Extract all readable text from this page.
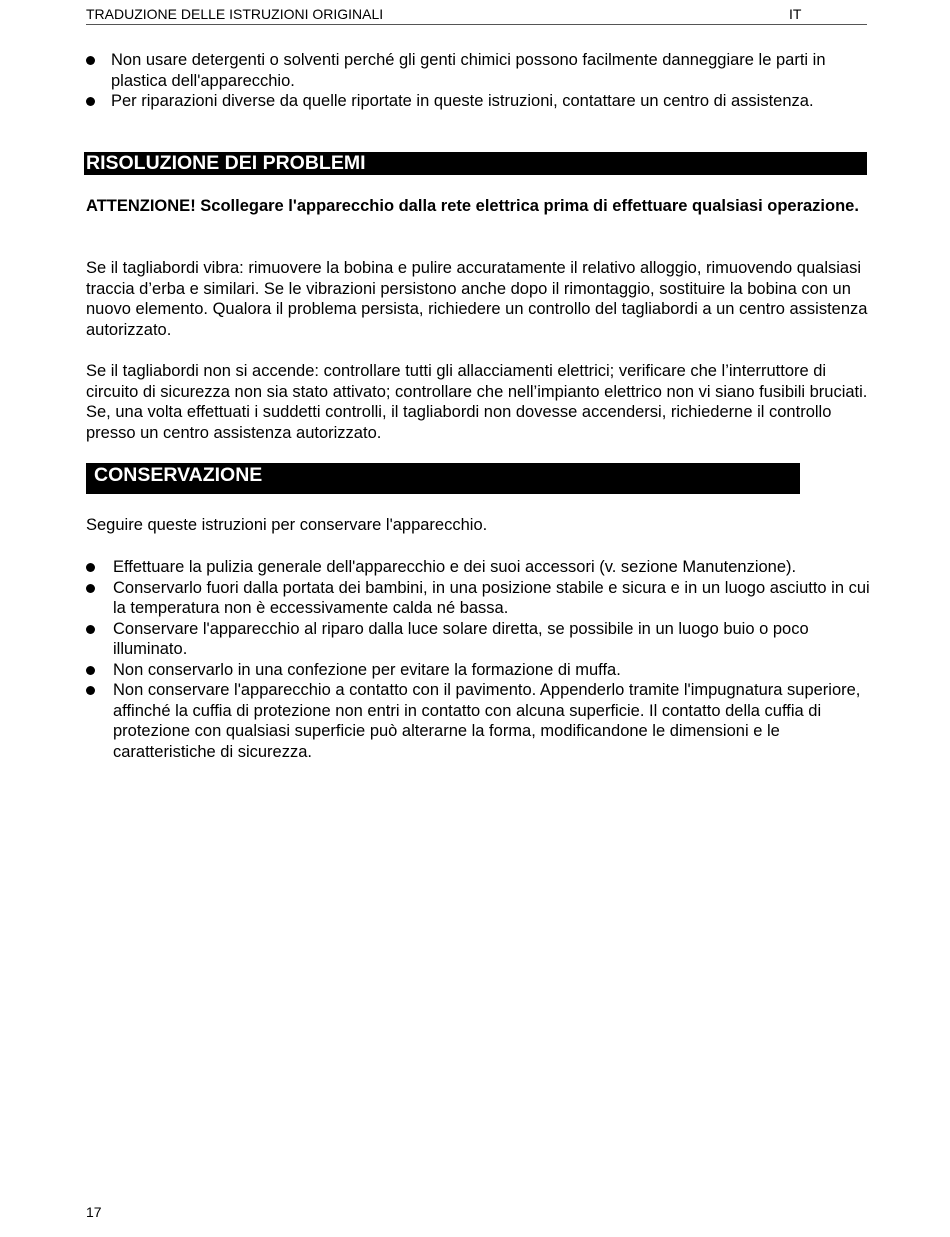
TRADUZIONE DELLE ISTRUZIONI ORIGINALI	IT
Non usare detergenti o solventi perché gli genti chimici possono facilmente danneggiare le parti in plastica dell'apparecchio.
Per riparazioni diverse da quelle riportate in queste istruzioni, contattare un centro di assistenza.
RISOLUZIONE DEI PROBLEMI

ATTENZIONE! Scollegare l'apparecchio dalla rete elettrica prima di effettuare qualsiasi operazione.

Se il tagliabordi vibra: rimuovere la bobina e pulire accuratamente il relativo alloggio, rimuovendo qualsiasi traccia d’erba e similari. Se le vibrazioni persistono anche dopo il rimontaggio, sostituire la bobina con un nuovo elemento. Qualora il problema persista, richiedere un controllo del tagliabordi a un centro assistenza autorizzato.

Se il tagliabordi non si accende: controllare tutti gli allacciamenti elettrici; verificare che l’interruttore di circuito di sicurezza non sia stato attivato; controllare che nell’impianto elettrico non vi siano fusibili bruciati. Se, una volta effettuati i suddetti controlli, il tagliabordi non dovesse accendersi, richiederne il controllo presso un centro assistenza autorizzato.

CONSERVAZIONE

Seguire queste istruzioni per conservare l'apparecchio.

Effettuare la pulizia generale dell'apparecchio e dei suoi accessori (v. sezione Manutenzione).
Conservarlo fuori dalla portata dei bambini, in una posizione stabile e sicura e in un luogo asciutto in cui la temperatura non è eccessivamente calda né bassa.
Conservare l'apparecchio al riparo dalla luce solare diretta, se possibile in un luogo buio o poco illuminato.
Non conservarlo in una confezione per evitare la formazione di muffa.
Non conservare l'apparecchio a contatto con il pavimento. Appenderlo tramite l'impugnatura superiore, affinché la cuffia di protezione non entri in contatto con alcuna superficie. Il contatto della cuffia di protezione con qualsiasi superficie può alterarne la forma, modificandone le dimensioni e le caratteristiche di sicurezza.
17
